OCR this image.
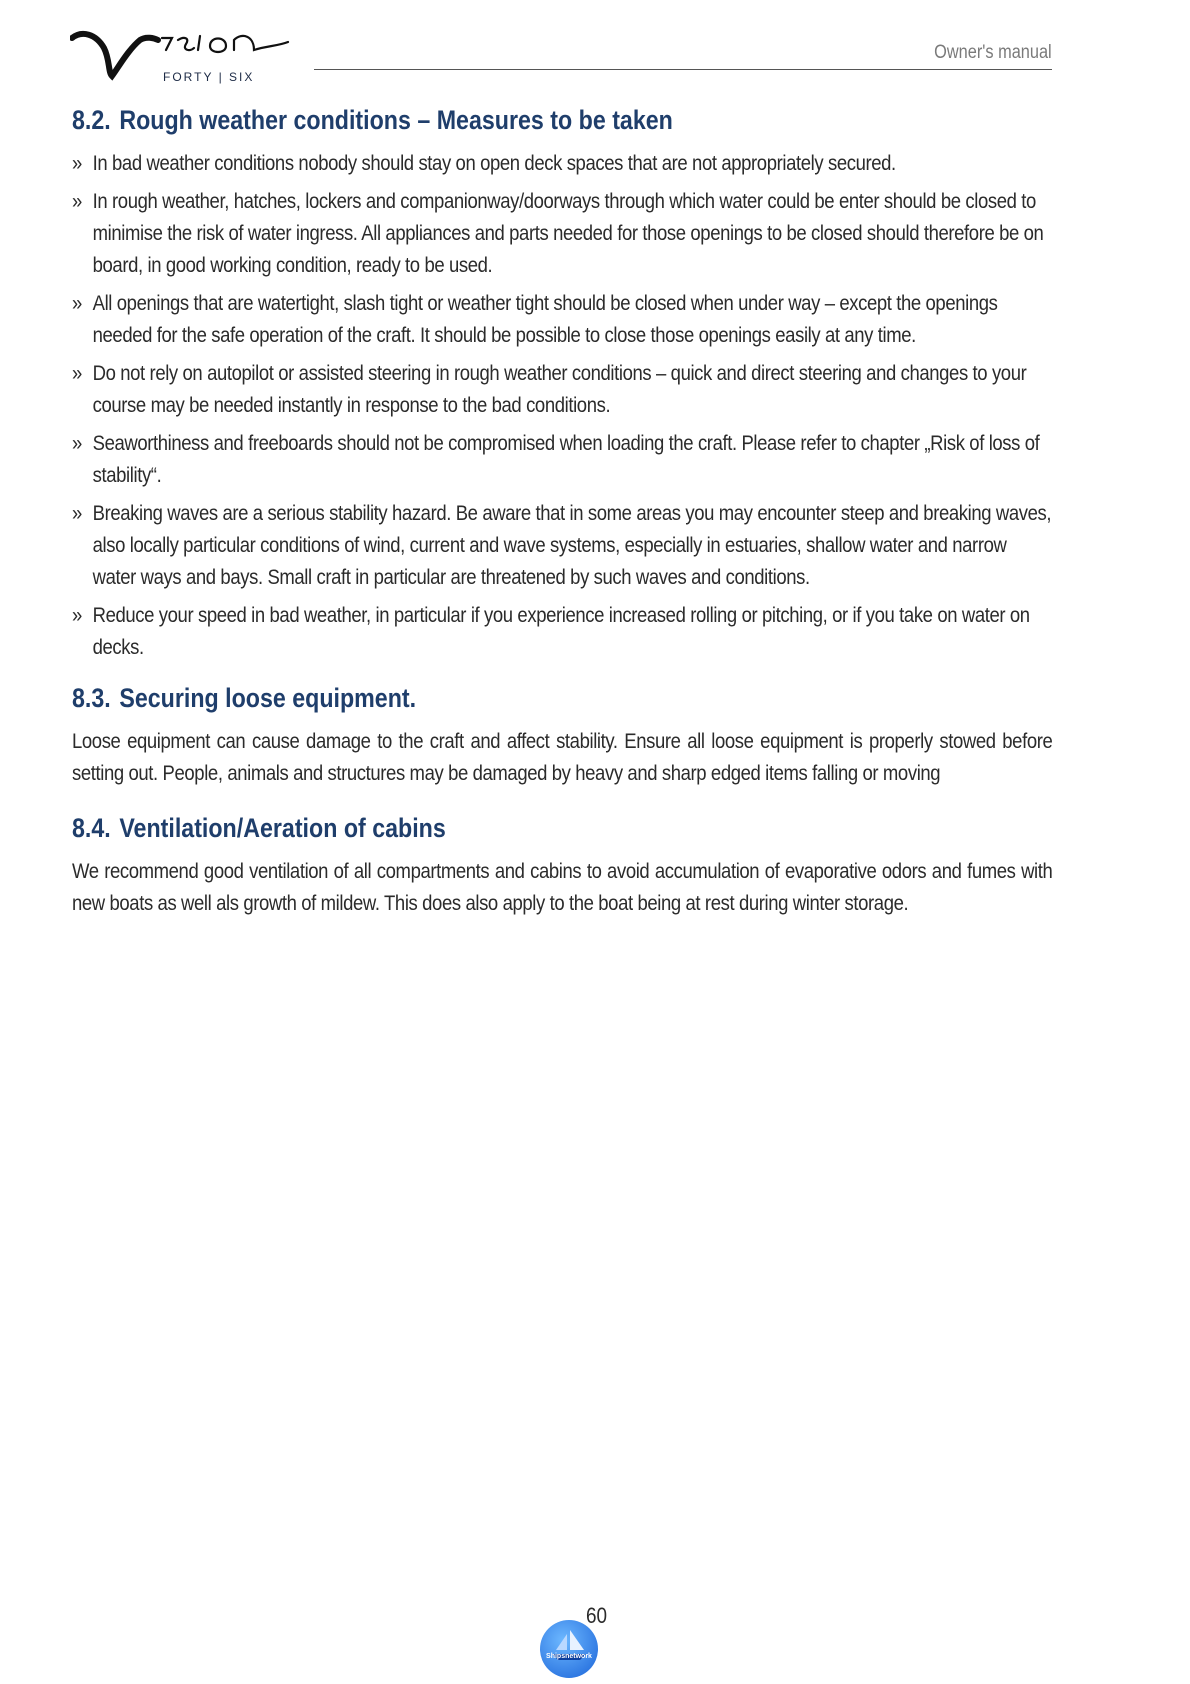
FORTY | SIX
Owner's manual
8.2. Rough weather conditions – Measures to be taken
» In bad weather conditions nobody should stay on open deck spaces that are not appropriately secured.
» In rough weather, hatches, lockers and companionway/doorways through which water could be enter should be closed to minimise the risk of water ingress. All appliances and parts needed for those openings to be closed should therefore be on board, in good working condition, ready to be used.
» All openings that are watertight, slash tight or weather tight should be closed when under way – except the openings needed for the safe operation of the craft. It should be possible to close those openings easily at any time.
» Do not rely on autopilot or assisted steering in rough weather conditions – quick and direct steering and changes to your course may be needed instantly in response to the bad conditions.
» Seaworthiness and freeboards should not be compromised when loading the craft. Please refer to chapter „Risk of loss of stability“.
» Breaking waves are a serious stability hazard. Be aware that in some areas you may encounter steep and breaking waves, also locally particular conditions of wind, current and wave systems, especially in estuaries, shallow water and narrow water ways and bays. Small craft in particular are threatened by such waves and conditions.
» Reduce your speed in bad weather, in particular if you experience increased rolling or pitching, or if you take on water on decks.
8.3. Securing loose equipment.

Loose equipment can cause damage to the craft and affect stability. Ensure all loose equipment is properly stowed before setting out. People, animals and structures may be damaged by heavy and sharp edged items falling or moving

8.4. Ventilation/Aeration of cabins

We recommend good ventilation of all compartments and cabins to avoid accumulation of evaporative odors and fumes with new boats as well als growth of mildew. This does also apply to the boat being at rest during winter storage.

60
Shipsnetwork
